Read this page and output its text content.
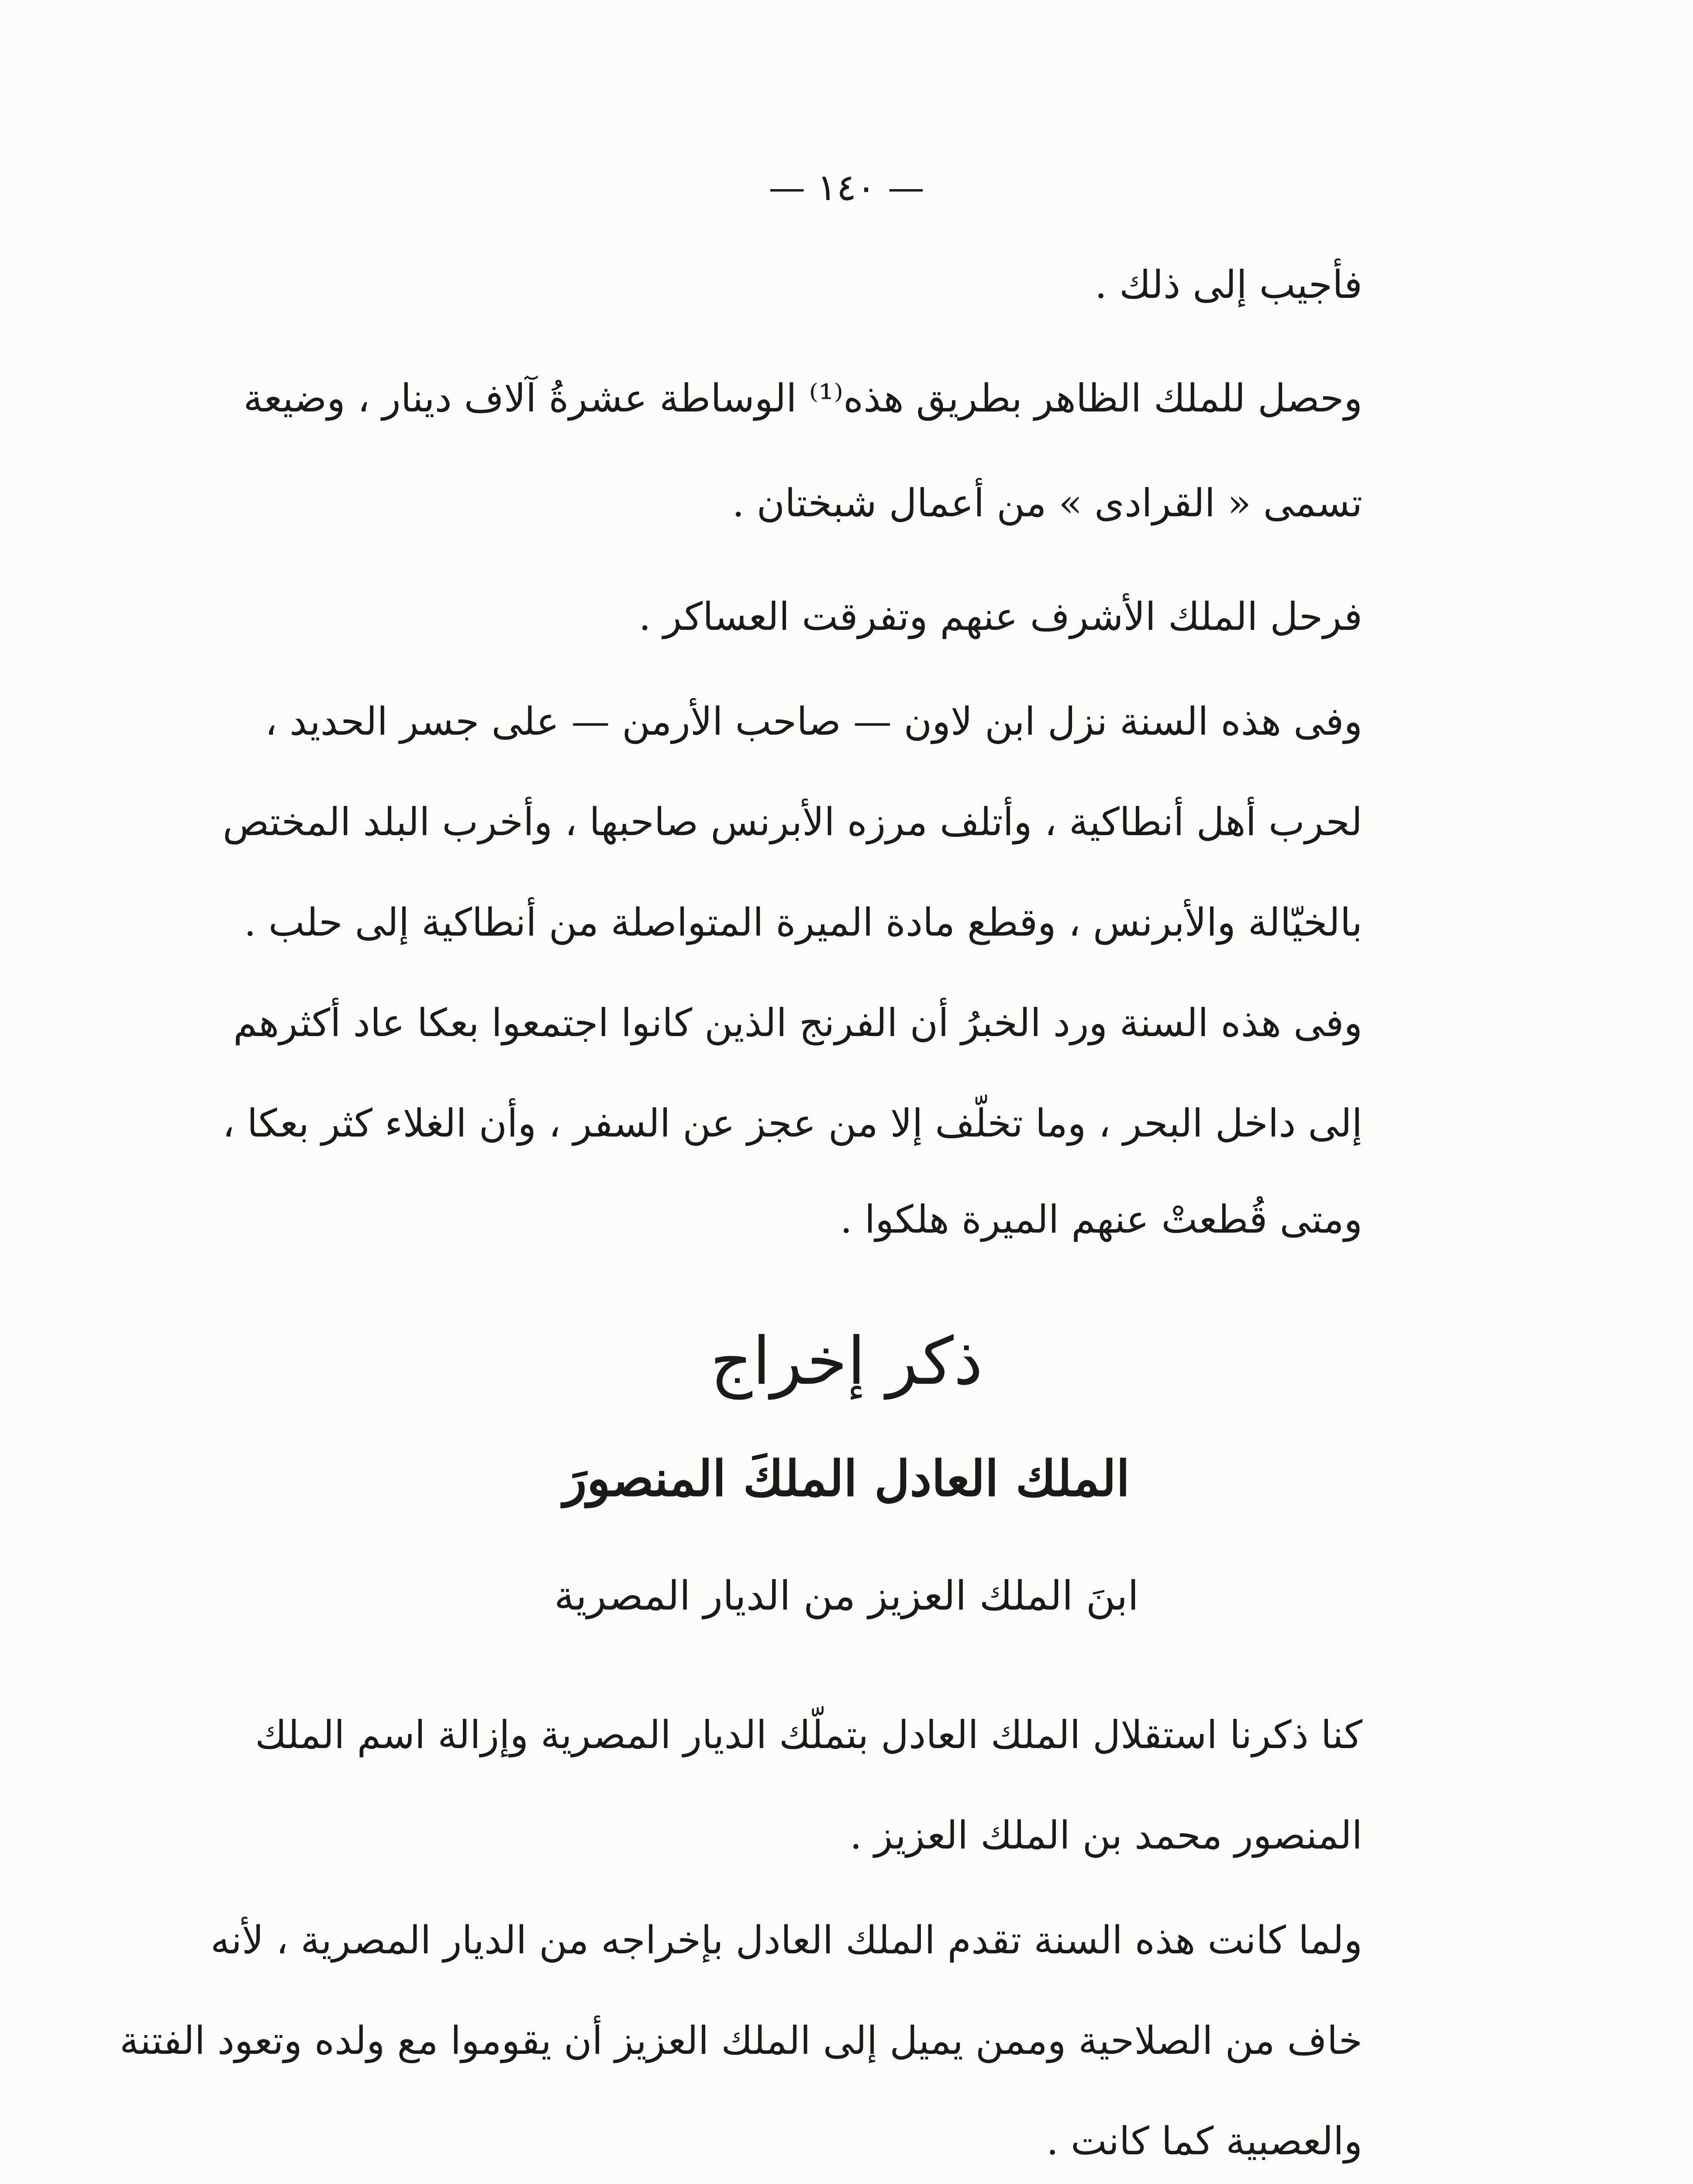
— ١٤٠ —
فأجيب إلى ذلك .
وحصل للملك الظاهر بطريق هذه⁽¹⁾ الوساطة عشرةُ آلاف دينار ، وضيعة
تسمى « القرادى » من أعمال شبختان .
فرحل الملك الأشرف عنهم وتفرقت العساكر .
وفى هذه السنة نزل ابن لاون — صاحب الأرمن — على جسر الحديد ،
لحرب أهل أنطاكية ، وأتلف مرزه الأبرنس صاحبها ، وأخرب البلد المختص
بالخيّالة والأبرنس ، وقطع مادة الميرة المتواصلة من أنطاكية إلى حلب .
وفى هذه السنة ورد الخبرُ أن الفرنج الذين كانوا اجتمعوا بعكا عاد أكثرهم
إلى داخل البحر ، وما تخلّف إلا من عجز عن السفر ، وأن الغلاء كثر بعكا ،
ومتى قُطعتْ عنهم الميرة هلكوا .
ذكر إخراج
الملك العادل الملكَ المنصورَ
ابنَ الملك العزيز من الديار المصرية
كنا ذكرنا استقلال الملك العادل بتملّك الديار المصرية وإزالة اسم الملك
المنصور محمد بن الملك العزيز .
ولما كانت هذه السنة تقدم الملك العادل بإخراجه من الديار المصرية ، لأنه
خاف من الصلاحية وممن يميل إلى الملك العزيز أن يقوموا مع ولده وتعود الفتنة
والعصبية كما كانت .
